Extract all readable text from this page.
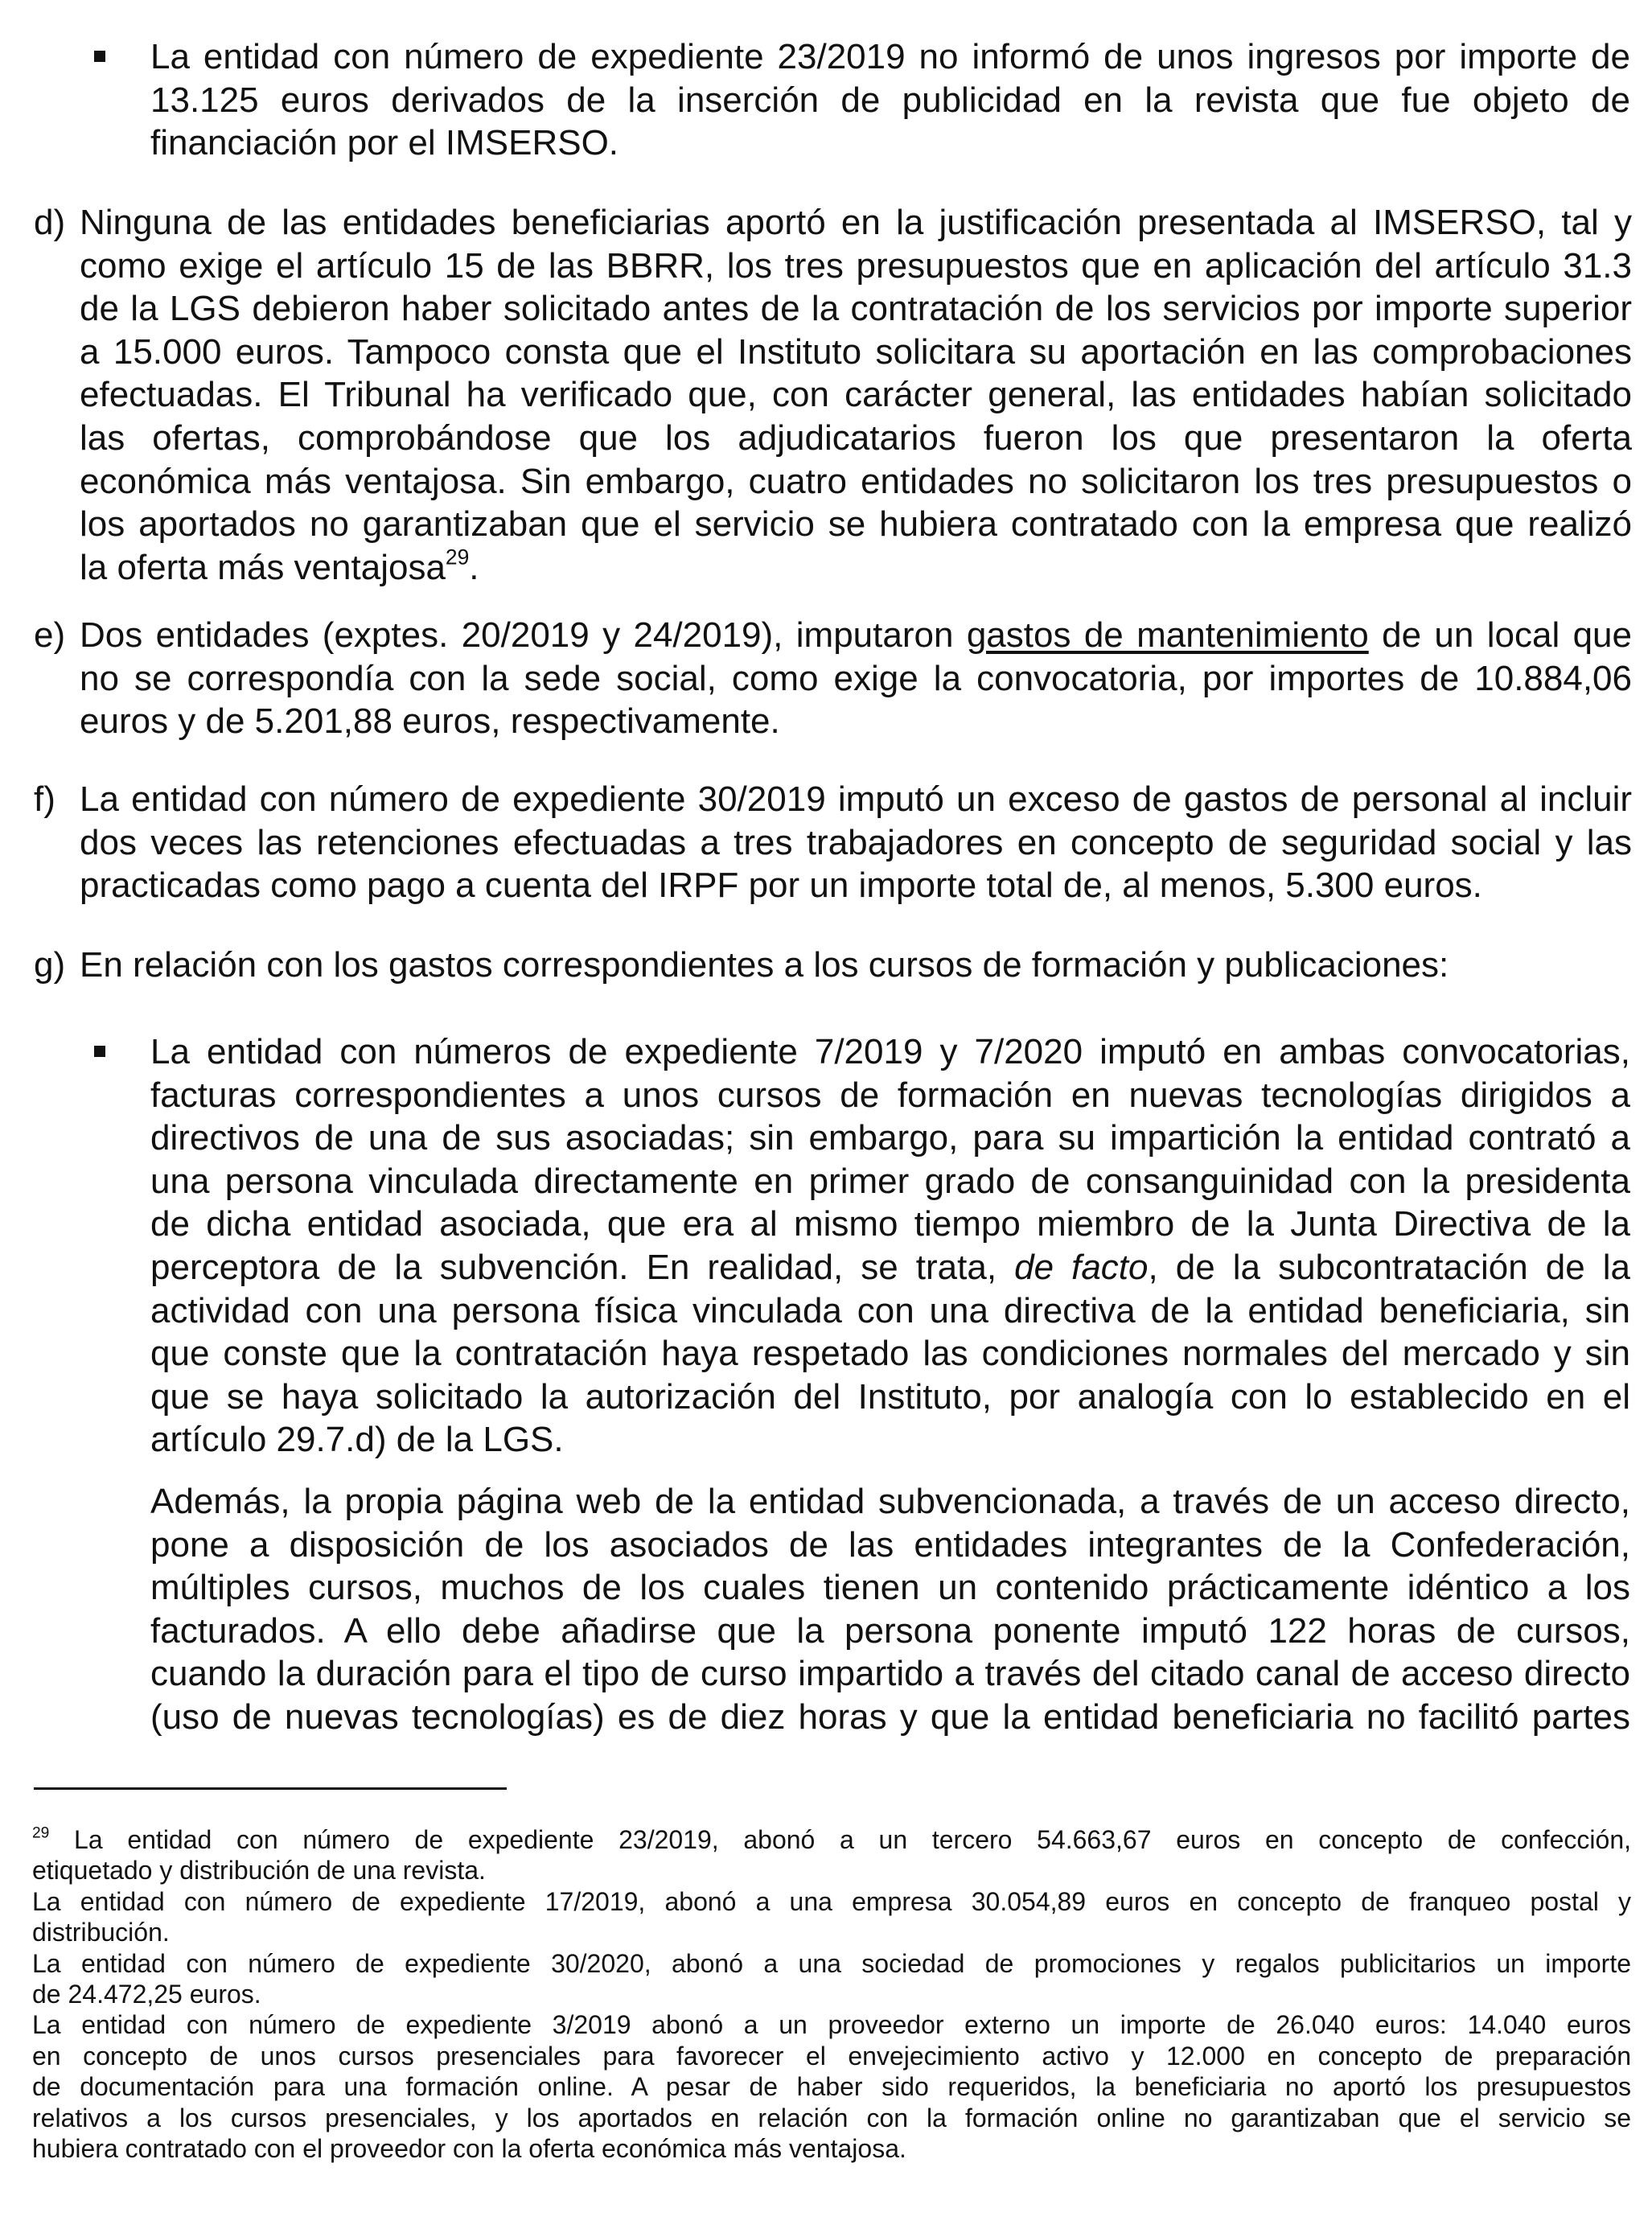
La entidad con número de expediente 23/2019 no informó de unos ingresos por importe de
13.125 euros derivados de la inserción de publicidad en la revista que fue objeto de
financiación por el IMSERSO.
d) Ninguna de las entidades beneficiarias aportó en la justificación presentada al IMSERSO, tal y
como exige el artículo 15 de las BBRR, los tres presupuestos que en aplicación del artículo 31.3
de la LGS debieron haber solicitado antes de la contratación de los servicios por importe superior
a 15.000 euros. Tampoco consta que el Instituto solicitara su aportación en las comprobaciones
efectuadas. El Tribunal ha verificado que, con carácter general, las entidades habían solicitado
las ofertas, comprobándose que los adjudicatarios fueron los que presentaron la oferta
económica más ventajosa. Sin embargo, cuatro entidades no solicitaron los tres presupuestos o
los aportados no garantizaban que el servicio se hubiera contratado con la empresa que realizó
la oferta más ventajosa$^{29}$.
e) Dos entidades (exptes. 20/2019 y 24/2019), imputaron gastos de mantenimiento de un local que
no se correspondía con la sede social, como exige la convocatoria, por importes de 10.884,06
euros y de 5.201,88 euros, respectivamente.
f) La entidad con número de expediente 30/2019 imputó un exceso de gastos de personal al incluir
dos veces las retenciones efectuadas a tres trabajadores en concepto de seguridad social y las
practicadas como pago a cuenta del IRPF por un importe total de, al menos, 5.300 euros.
g) En relación con los gastos correspondientes a los cursos de formación y publicaciones:
La entidad con números de expediente 7/2019 y 7/2020 imputó en ambas convocatorias,
facturas correspondientes a unos cursos de formación en nuevas tecnologías dirigidos a
directivos de una de sus asociadas; sin embargo, para su impartición la entidad contrató a
una persona vinculada directamente en primer grado de consanguinidad con la presidenta
de dicha entidad asociada, que era al mismo tiempo miembro de la Junta Directiva de la
perceptora de la subvención. En realidad, se trata, de facto, de la subcontratación de la
actividad con una persona física vinculada con una directiva de la entidad beneficiaria, sin
que conste que la contratación haya respetado las condiciones normales del mercado y sin
que se haya solicitado la autorización del Instituto, por analogía con lo establecido en el
artículo 29.7.d) de la LGS.
Además, la propia página web de la entidad subvencionada, a través de un acceso directo,
pone a disposición de los asociados de las entidades integrantes de la Confederación,
múltiples cursos, muchos de los cuales tienen un contenido prácticamente idéntico a los
facturados. A ello debe añadirse que la persona ponente imputó 122 horas de cursos,
cuando la duración para el tipo de curso impartido a través del citado canal de acceso directo
(uso de nuevas tecnologías) es de diez horas y que la entidad beneficiaria no facilitó partes
$^{29}$ La entidad con número de expediente 23/2019, abonó a un tercero 54.663,67 euros en concepto de confección,
etiquetado y distribución de una revista.
La entidad con número de expediente 17/2019, abonó a una empresa 30.054,89 euros en concepto de franqueo postal y
distribución.
La entidad con número de expediente 30/2020, abonó a una sociedad de promociones y regalos publicitarios un importe
de 24.472,25 euros.
La entidad con número de expediente 3/2019 abonó a un proveedor externo un importe de 26.040 euros: 14.040 euros
en concepto de unos cursos presenciales para favorecer el envejecimiento activo y 12.000 en concepto de preparación
de documentación para una formación online. A pesar de haber sido requeridos, la beneficiaria no aportó los presupuestos
relativos a los cursos presenciales, y los aportados en relación con la formación online no garantizaban que el servicio se
hubiera contratado con el proveedor con la oferta económica más ventajosa.
